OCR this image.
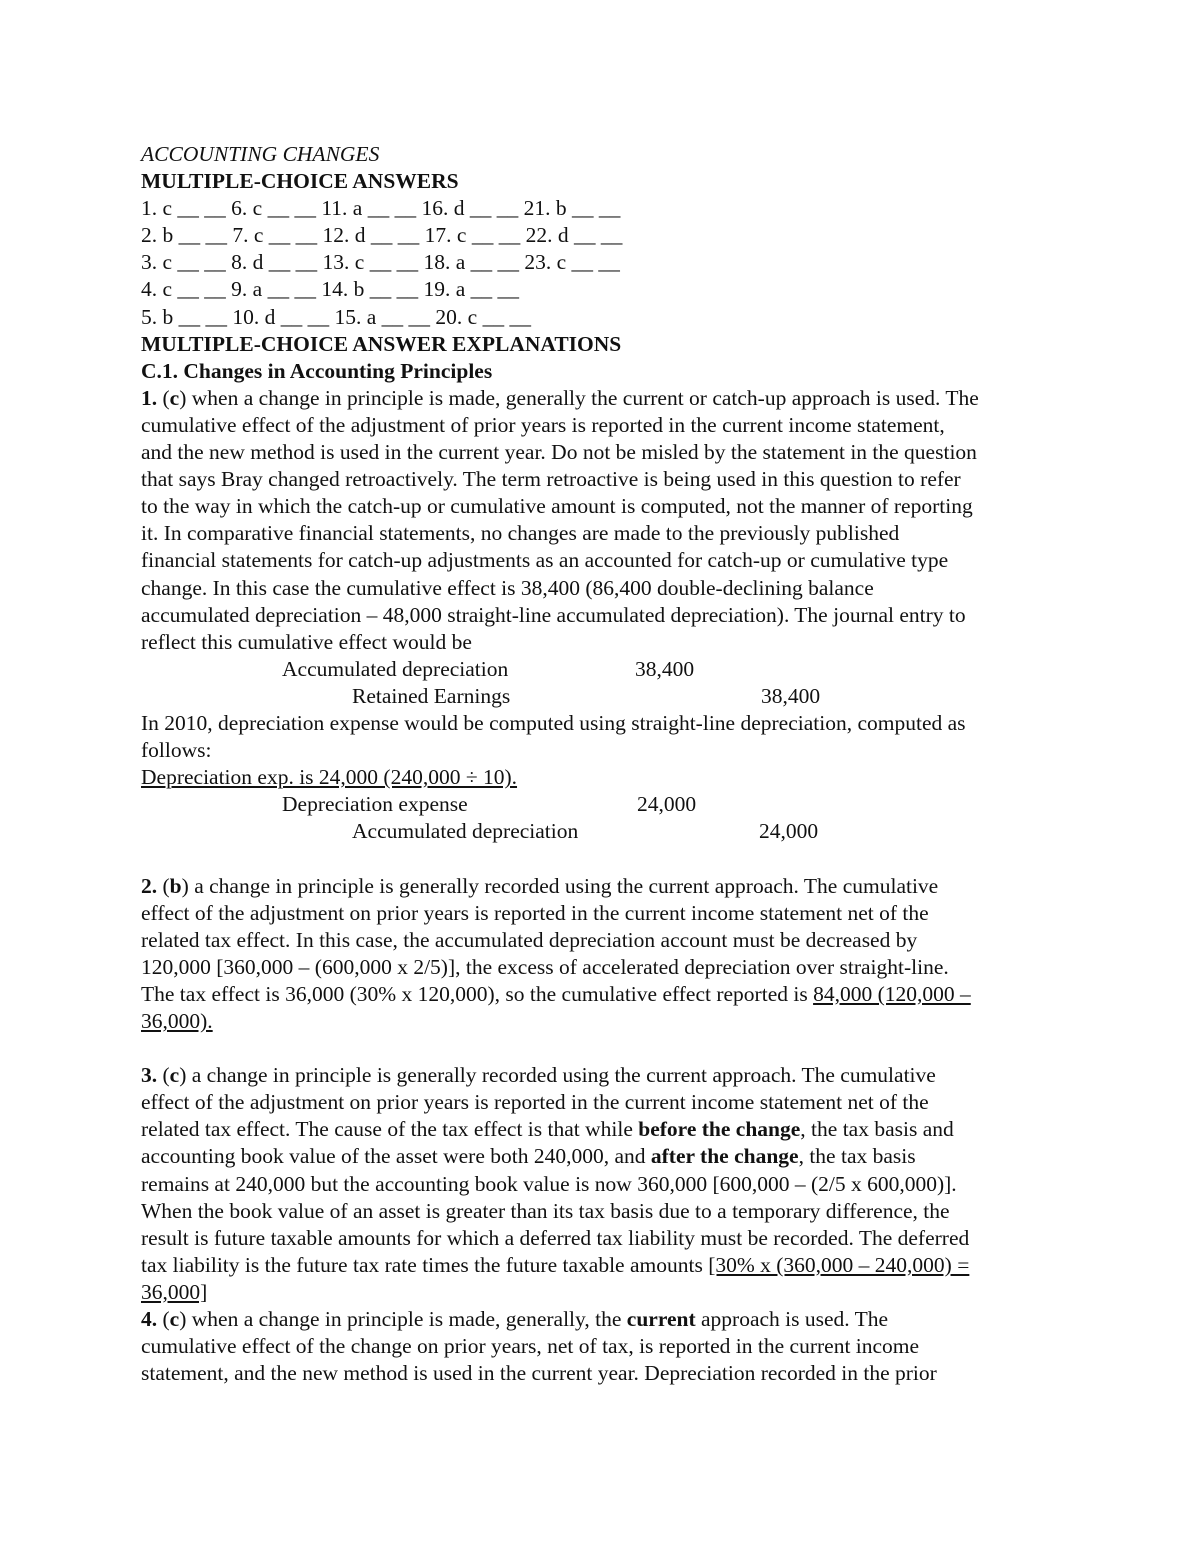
ACCOUNTING CHANGES
MULTIPLE-CHOICE ANSWERS
1. c __ __ 6. c __ __ 11. a __ __ 16. d __ __ 21. b __ __
2. b __ __ 7. c __ __ 12. d __ __ 17. c __ __ 22. d __ __
3. c __ __ 8. d __ __ 13. c __ __ 18. a __ __ 23. c __ __
4. c __ __ 9. a __ __ 14. b __ __ 19. a __ __
5. b __ __ 10. d __ __ 15. a __ __ 20. c __ __
MULTIPLE-CHOICE ANSWER EXPLANATIONS
C.1. Changes in Accounting Principles
1. (c) when a change in principle is made, generally the current or catch-up approach is used. The
cumulative effect of the adjustment of prior years is reported in the current income statement,
and the new method is used in the current year. Do not be misled by the statement in the question
that says Bray changed retroactively. The term retroactive is being used in this question to refer
to the way in which the catch-up or cumulative amount is computed, not the manner of reporting
it. In comparative financial statements, no changes are made to the previously published
financial statements for catch-up adjustments as an accounted for catch-up or cumulative type
change. In this case the cumulative effect is 38,400 (86,400 double-declining balance
accumulated depreciation – 48,000 straight-line accumulated depreciation). The journal entry to
reflect this cumulative effect would be
Accumulated depreciation	38,400
Retained Earnings	38,400
In 2010, depreciation expense would be computed using straight-line depreciation, computed as
follows:
Depreciation exp. is 24,000 (240,000 ÷ 10).
Depreciation expense	24,000
Accumulated depreciation	24,000
2. (b) a change in principle is generally recorded using the current approach. The cumulative
effect of the adjustment on prior years is reported in the current income statement net of the
related tax effect. In this case, the accumulated depreciation account must be decreased by
120,000 [360,000 – (600,000 x 2/5)], the excess of accelerated depreciation over straight-line.
The tax effect is 36,000 (30% x 120,000), so the cumulative effect reported is 84,000 (120,000 –
36,000).
3. (c) a change in principle is generally recorded using the current approach. The cumulative
effect of the adjustment on prior years is reported in the current income statement net of the
related tax effect. The cause of the tax effect is that while before the change, the tax basis and
accounting book value of the asset were both 240,000, and after the change, the tax basis
remains at 240,000 but the accounting book value is now 360,000 [600,000 – (2/5 x 600,000)].
When the book value of an asset is greater than its tax basis due to a temporary difference, the
result is future taxable amounts for which a deferred tax liability must be recorded. The deferred
tax liability is the future tax rate times the future taxable amounts [30% x (360,000 – 240,000) =
36,000]
4. (c) when a change in principle is made, generally, the current approach is used. The
cumulative effect of the change on prior years, net of tax, is reported in the current income
statement, and the new method is used in the current year. Depreciation recorded in the prior
